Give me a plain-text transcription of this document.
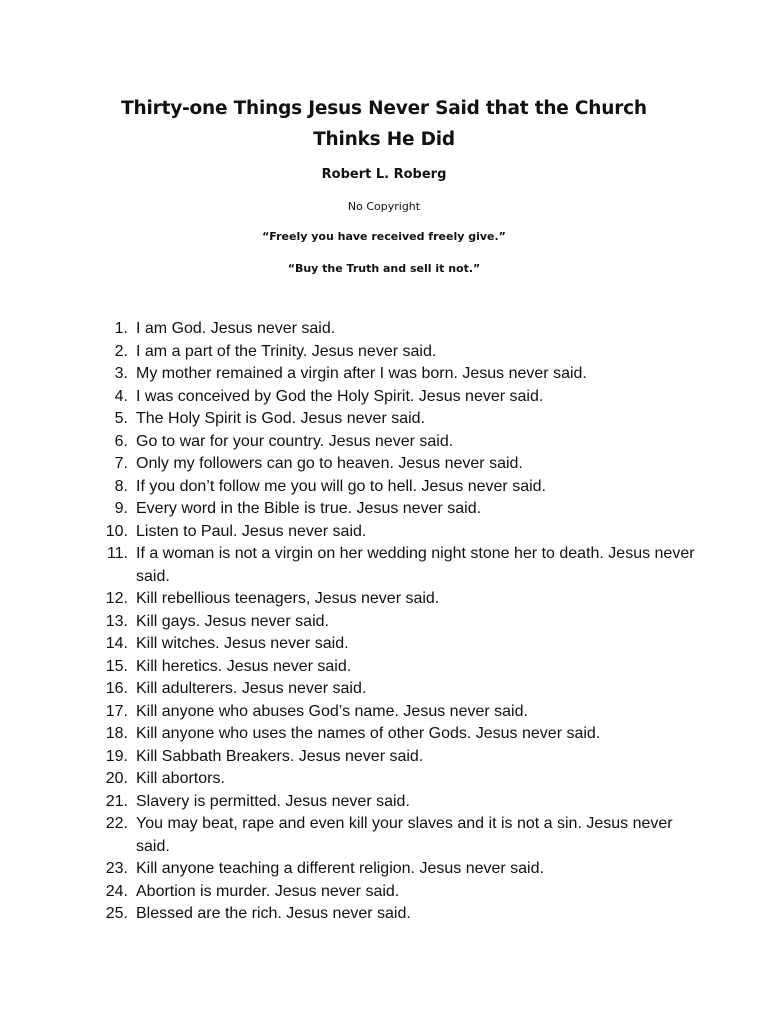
Thirty-one Things Jesus Never Said that the Church Thinks He Did
Robert L. Roberg
No Copyright
“Freely you have received freely give.”
“Buy the Truth and sell it not.”
1. I am God. Jesus never said.
2. I am a part of the Trinity. Jesus never said.
3. My mother remained a virgin after I was born. Jesus never said.
4. I was conceived by God the Holy Spirit. Jesus never said.
5. The Holy Spirit is God. Jesus never said.
6. Go to war for your country. Jesus never said.
7. Only my followers can go to heaven. Jesus never said.
8. If you don’t follow me you will go to hell. Jesus never said.
9. Every word in the Bible is true. Jesus never said.
10. Listen to Paul. Jesus never said.
11. If a woman is not a virgin on her wedding night stone her to death. Jesus never said.
12. Kill rebellious teenagers, Jesus never said.
13. Kill gays. Jesus never said.
14. Kill witches. Jesus never said.
15. Kill heretics. Jesus never said.
16. Kill adulterers. Jesus never said.
17. Kill anyone who abuses God’s name. Jesus never said.
18. Kill anyone who uses the names of other Gods. Jesus never said.
19. Kill Sabbath Breakers. Jesus never said.
20. Kill abortors.
21. Slavery is permitted. Jesus never said.
22. You may beat, rape and even kill your slaves and it is not a sin. Jesus never said.
23. Kill anyone teaching a different religion. Jesus never said.
24. Abortion is murder. Jesus never said.
25. Blessed are the rich. Jesus never said.
